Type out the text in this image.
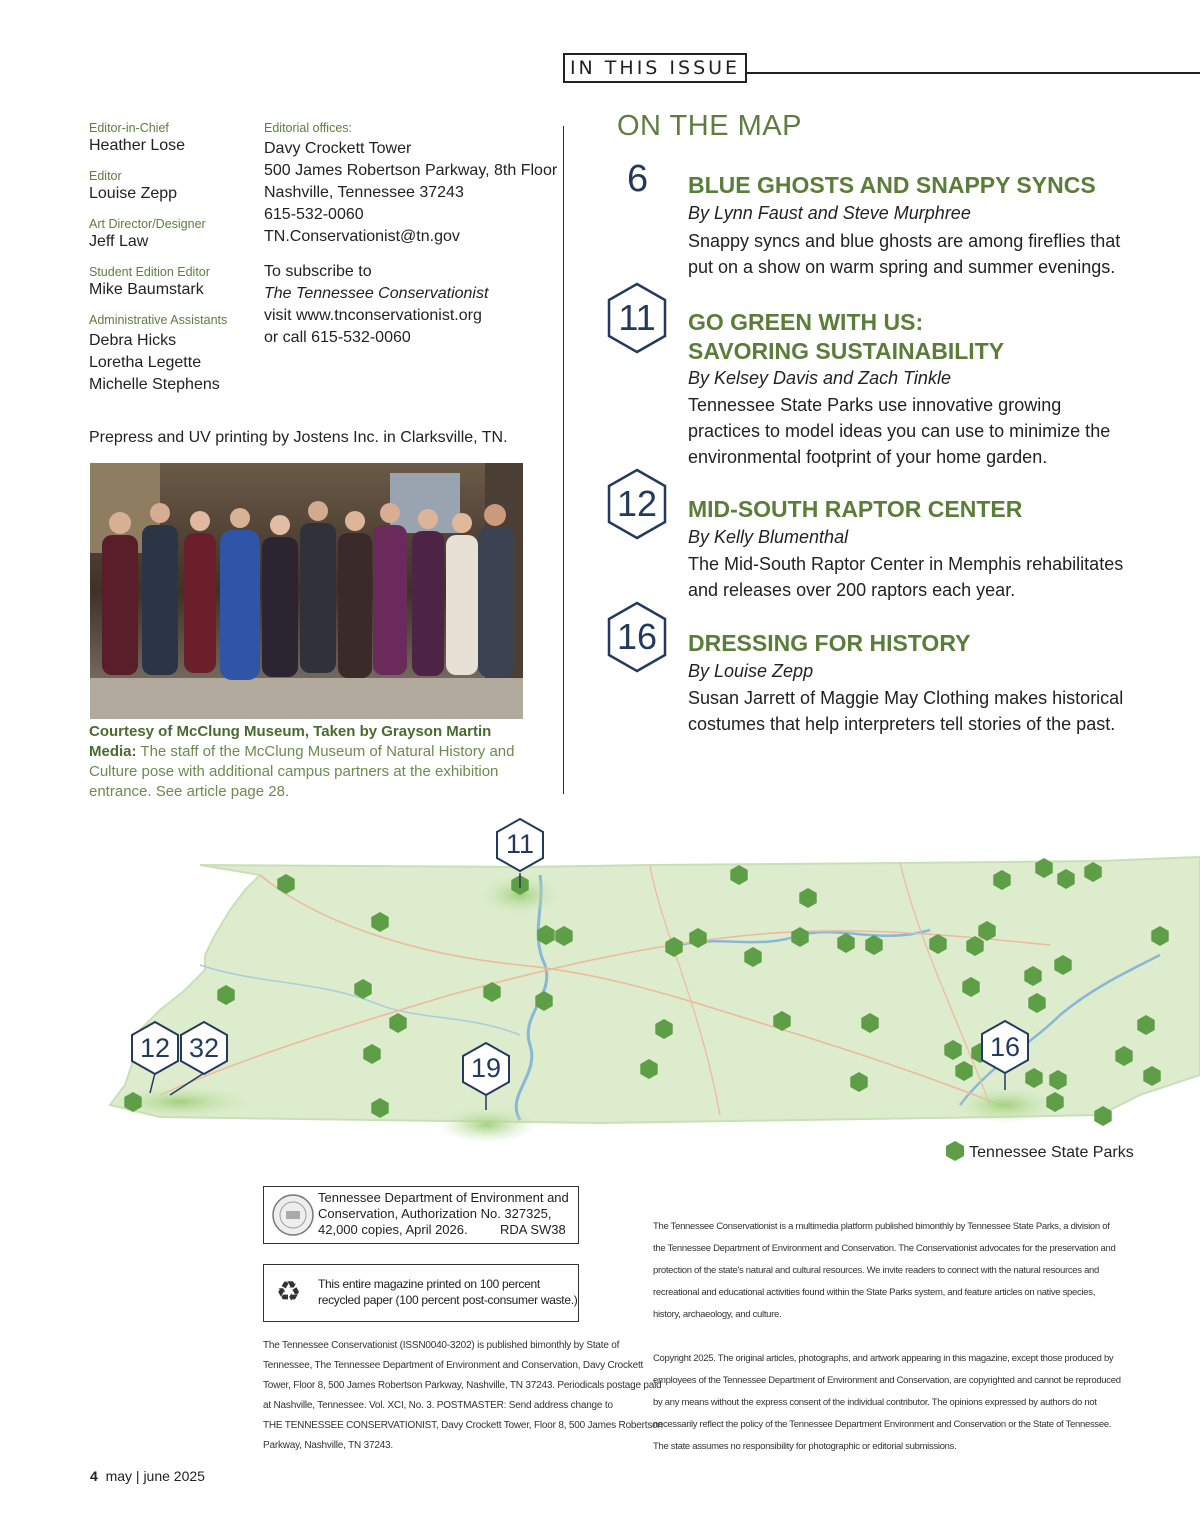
IN THIS ISSUE
Editor-in-Chief
Heather Lose
Editor
Louise Zepp
Art Director/Designer
Jeff Law
Student Edition Editor
Mike Baumstark
Administrative Assistants
Debra Hicks
Loretha Legette
Michelle Stephens
Editorial offices:
Davy Crockett Tower
500 James Robertson Parkway, 8th Floor
Nashville, Tennessee 37243
615-532-0060
TN.Conservationist@tn.gov
To subscribe to
The Tennessee Conservationist
visit www.tnconservationist.org
or call 615-532-0060
Prepress and UV printing by Jostens Inc. in Clarksville, TN.
Courtesy of McClung Museum, Taken by Grayson Martin Media: The staff of the McClung Museum of Natural History and Culture pose with additional campus partners at the exhibition entrance. See article page 28.
ON THE MAP
6 BLUE GHOSTS AND SNAPPY SYNCS
By Lynn Faust and Steve Murphree
Snappy syncs and blue ghosts are among fireflies that
put on a show on warm spring and summer evenings.
11	GO GREEN WITH US:
SAVORING SUSTAINABILITY
By Kelsey Davis and Zach Tinkle
Tennessee State Parks use innovative growing
practices to model ideas you can use to minimize the
environmental footprint of your home garden.
12	MID-SOUTH RAPTOR CENTER
By Kelly Blumenthal
The Mid-South Raptor Center in Memphis rehabilitates
and releases over 200 raptors each year.
16	DRESSING FOR HISTORY
By Louise Zepp
Susan Jarrett of Maggie May Clothing makes historical
costumes that help interpreters tell stories of the past.
11
12 32
19
16
Tennessee State Parks
Tennessee Department of Environment and
Conservation, Authorization No. 327325,
42,000 copies, April 2026.	RDA SW38
♻ This entire magazine printed on 100 percent
recycled paper (100 percent post-consumer waste.)
The Tennessee Conservationist (ISSN0040-3202) is published bimonthly by State of
Tennessee, The Tennessee Department of Environment and Conservation, Davy Crockett
Tower, Floor 8, 500 James Robertson Parkway, Nashville, TN 37243. Periodicals postage paid
at Nashville, Tennessee. Vol. XCI, No. 3. POSTMASTER: Send address change to
THE TENNESSEE CONSERVATIONIST, Davy Crockett Tower, Floor 8, 500 James Robertson
Parkway, Nashville, TN 37243.
The Tennessee Conservationist is a multimedia platform published bimonthly by Tennessee State Parks, a division of
the Tennessee Department of Environment and Conservation. The Conservationist advocates for the preservation and
protection of the state's natural and cultural resources. We invite readers to connect with the natural resources and
recreational and educational activities found within the State Parks system, and feature articles on native species,
history, archaeology, and culture.
Copyright 2025. The original articles, photographs, and artwork appearing in this magazine, except those produced by
employees of the Tennessee Department of Environment and Conservation, are copyrighted and cannot be reproduced
by any means without the express consent of the individual contributor. The opinions expressed by authors do not
necessarily reflect the policy of the Tennessee Department Environment and Conservation or the State of Tennessee.
The state assumes no responsibility for photographic or editorial submissions.
4 may | june 2025
